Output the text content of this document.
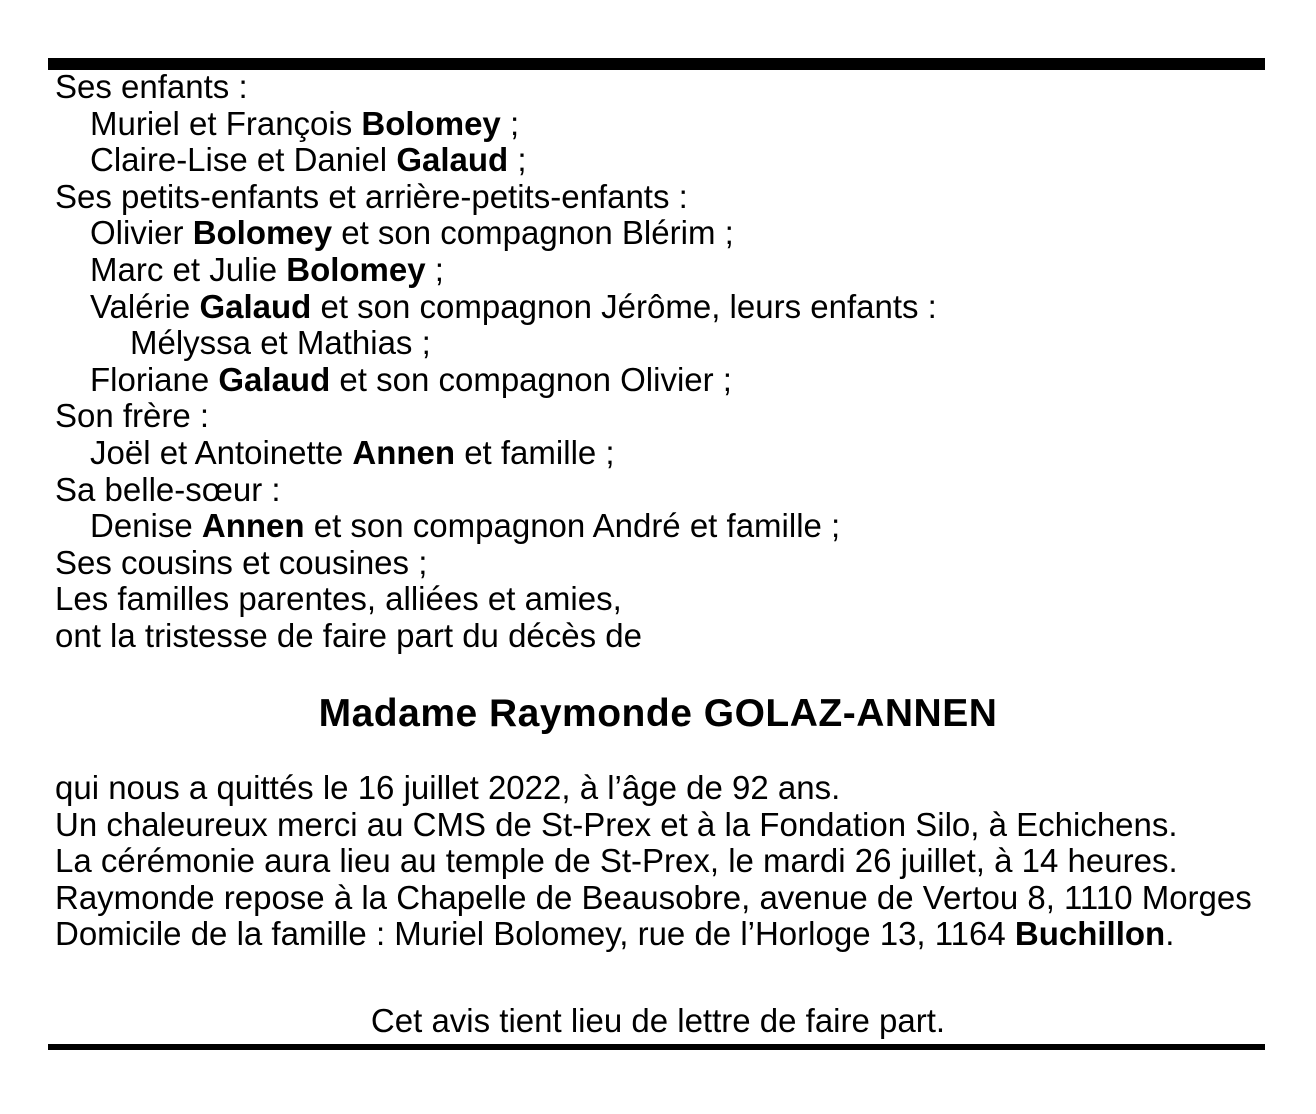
Ses enfants :
Muriel et François Bolomey ;
Claire-Lise et Daniel Galaud ;
Ses petits-enfants et arrière-petits-enfants :
Olivier Bolomey et son compagnon Blérim ;
Marc et Julie Bolomey ;
Valérie Galaud et son compagnon Jérôme, leurs enfants :
Mélyssa et Mathias ;
Floriane Galaud et son compagnon Olivier ;
Son frère :
Joël et Antoinette Annen et famille ;
Sa belle-sœur :
Denise Annen et son compagnon André et famille ;
Ses cousins et cousines ;
Les familles parentes, alliées et amies,
ont la tristesse de faire part du décès de
Madame Raymonde GOLAZ-ANNEN
qui nous a quittés le 16 juillet 2022, à l’âge de 92 ans.
Un chaleureux merci au CMS de St-Prex et à la Fondation Silo, à Echichens.
La cérémonie aura lieu au temple de St-Prex, le mardi 26 juillet, à 14 heures.
Raymonde repose à la Chapelle de Beausobre, avenue de Vertou 8, 1110 Morges
Domicile de la famille : Muriel Bolomey, rue de l’Horloge 13, 1164 Buchillon.
Cet avis tient lieu de lettre de faire part.
